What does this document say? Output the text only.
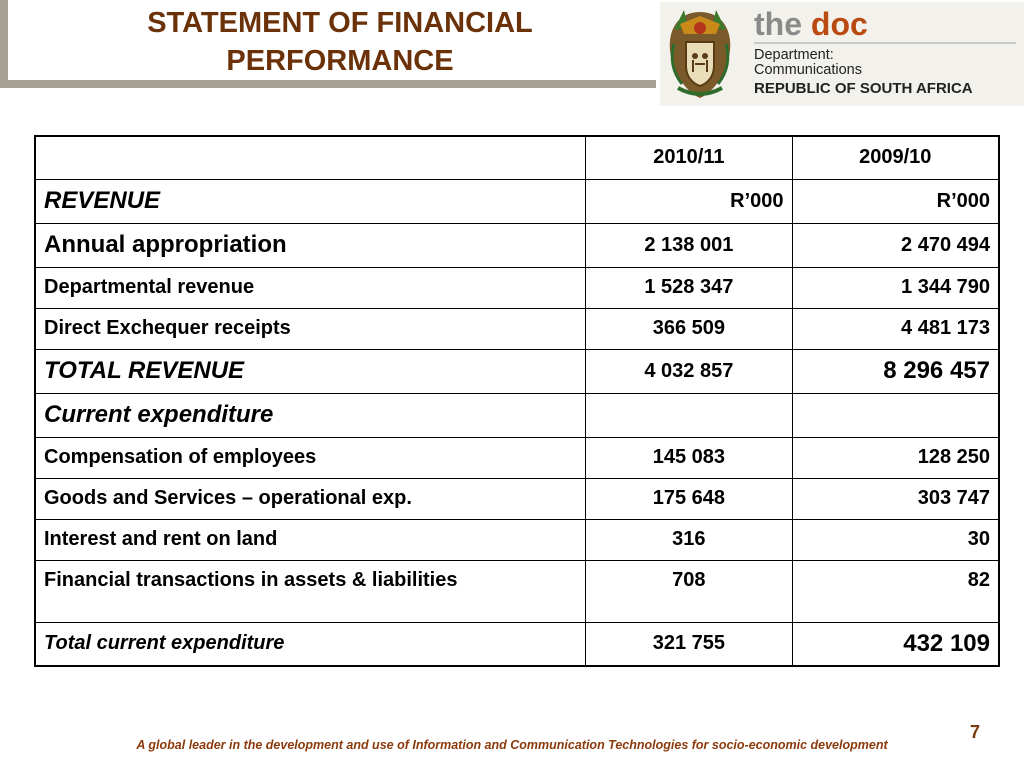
STATEMENT OF FINANCIAL
PERFORMANCE
the doc
Department:
Communications
REPUBLIC OF SOUTH AFRICA
	2010/11	2009/10
REVENUE	R’000	R’000
Annual appropriation	2 138 001	2 470 494
Departmental revenue	1 528 347	1 344 790
Direct Exchequer receipts	366 509	4 481 173
TOTAL REVENUE	4 032 857	8 296 457
Current expenditure		
Compensation of employees	145 083	128 250
Goods and Services – operational exp.	175 648	303 747
Interest and rent on land	316	30
Financial transactions in assets & liabilities	708	82
Total current expenditure	321 755	432 109
7
A global leader in the development and use of Information and Communication Technologies for socio-economic development
